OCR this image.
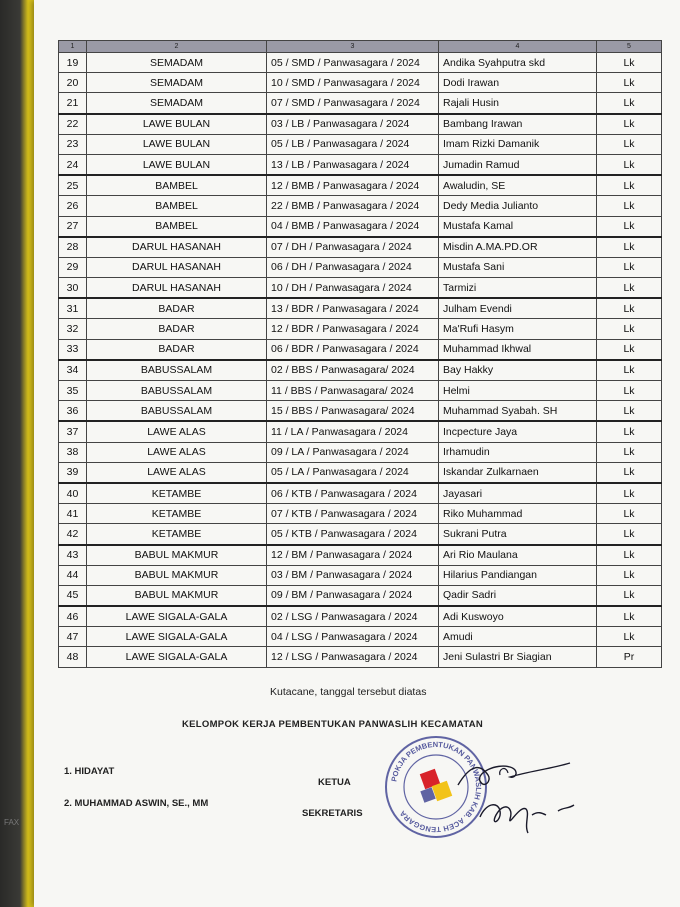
FAX
1	2	3	4	5
19	SEMADAM	05 / SMD / Panwasagara / 2024	Andika Syahputra skd	Lk
20	SEMADAM	10 / SMD / Panwasagara / 2024	Dodi Irawan	Lk
21	SEMADAM	07 / SMD / Panwasagara / 2024	Rajali Husin	Lk
22	LAWE BULAN	03 / LB / Panwasagara / 2024	Bambang Irawan	Lk
23	LAWE BULAN	05 / LB / Panwasagara / 2024	Imam Rizki Damanik	Lk
24	LAWE BULAN	13 / LB / Panwasagara / 2024	Jumadin Ramud	Lk
25	BAMBEL	12 / BMB / Panwasagara / 2024	Awaludin, SE	Lk
26	BAMBEL	22 / BMB / Panwasagara / 2024	Dedy Media Julianto	Lk
27	BAMBEL	04 / BMB / Panwasagara / 2024	Mustafa Kamal	Lk
28	DARUL HASANAH	07 / DH / Panwasagara / 2024	Misdin A.MA.PD.OR	Lk
29	DARUL HASANAH	06 / DH / Panwasagara / 2024	Mustafa Sani	Lk
30	DARUL HASANAH	10 / DH / Panwasagara / 2024	Tarmizi	Lk
31	BADAR	13 / BDR / Panwasagara / 2024	Julham Evendi	Lk
32	BADAR	12 / BDR / Panwasagara / 2024	Ma'Rufi Hasym	Lk
33	BADAR	06 / BDR / Panwasagara / 2024	Muhammad Ikhwal	Lk
34	BABUSSALAM	02 / BBS / Panwasagara/ 2024	Bay Hakky	Lk
35	BABUSSALAM	11 / BBS / Panwasagara/ 2024	Helmi	Lk
36	BABUSSALAM	15 / BBS / Panwasagara/ 2024	Muhammad Syabah. SH	Lk
37	LAWE ALAS	11 / LA / Panwasagara / 2024	Incpecture Jaya	Lk
38	LAWE ALAS	09 / LA / Panwasagara / 2024	Irhamudin	Lk
39	LAWE ALAS	05 / LA / Panwasagara / 2024	Iskandar Zulkarnaen	Lk
40	KETAMBE	06 / KTB / Panwasagara / 2024	Jayasari	Lk
41	KETAMBE	07 / KTB / Panwasagara / 2024	Riko Muhammad	Lk
42	KETAMBE	05 / KTB / Panwasagara / 2024	Sukrani Putra	Lk
43	BABUL MAKMUR	12 / BM / Panwasagara / 2024	Ari Rio Maulana	Lk
44	BABUL MAKMUR	03 / BM / Panwasagara / 2024	Hilarius Pandiangan	Lk
45	BABUL MAKMUR	09 / BM / Panwasagara / 2024	Qadir Sadri	Lk
46	LAWE SIGALA-GALA	02 / LSG / Panwasagara / 2024	Adi Kuswoyo	Lk
47	LAWE SIGALA-GALA	04 / LSG / Panwasagara / 2024	Amudi	Lk
48	LAWE SIGALA-GALA	12 / LSG / Panwasagara / 2024	Jeni Sulastri Br Siagian	Pr
Kutacane, tanggal tersebut diatas
KELOMPOK KERJA PEMBENTUKAN PANWASLIH KECAMATAN
1. HIDAYAT
KETUA
2. MUHAMMAD ASWIN, SE., MM
SEKRETARIS
POKJA PEMBENTUKAN PANWASLIH KAB. ACEH TENGGARA
